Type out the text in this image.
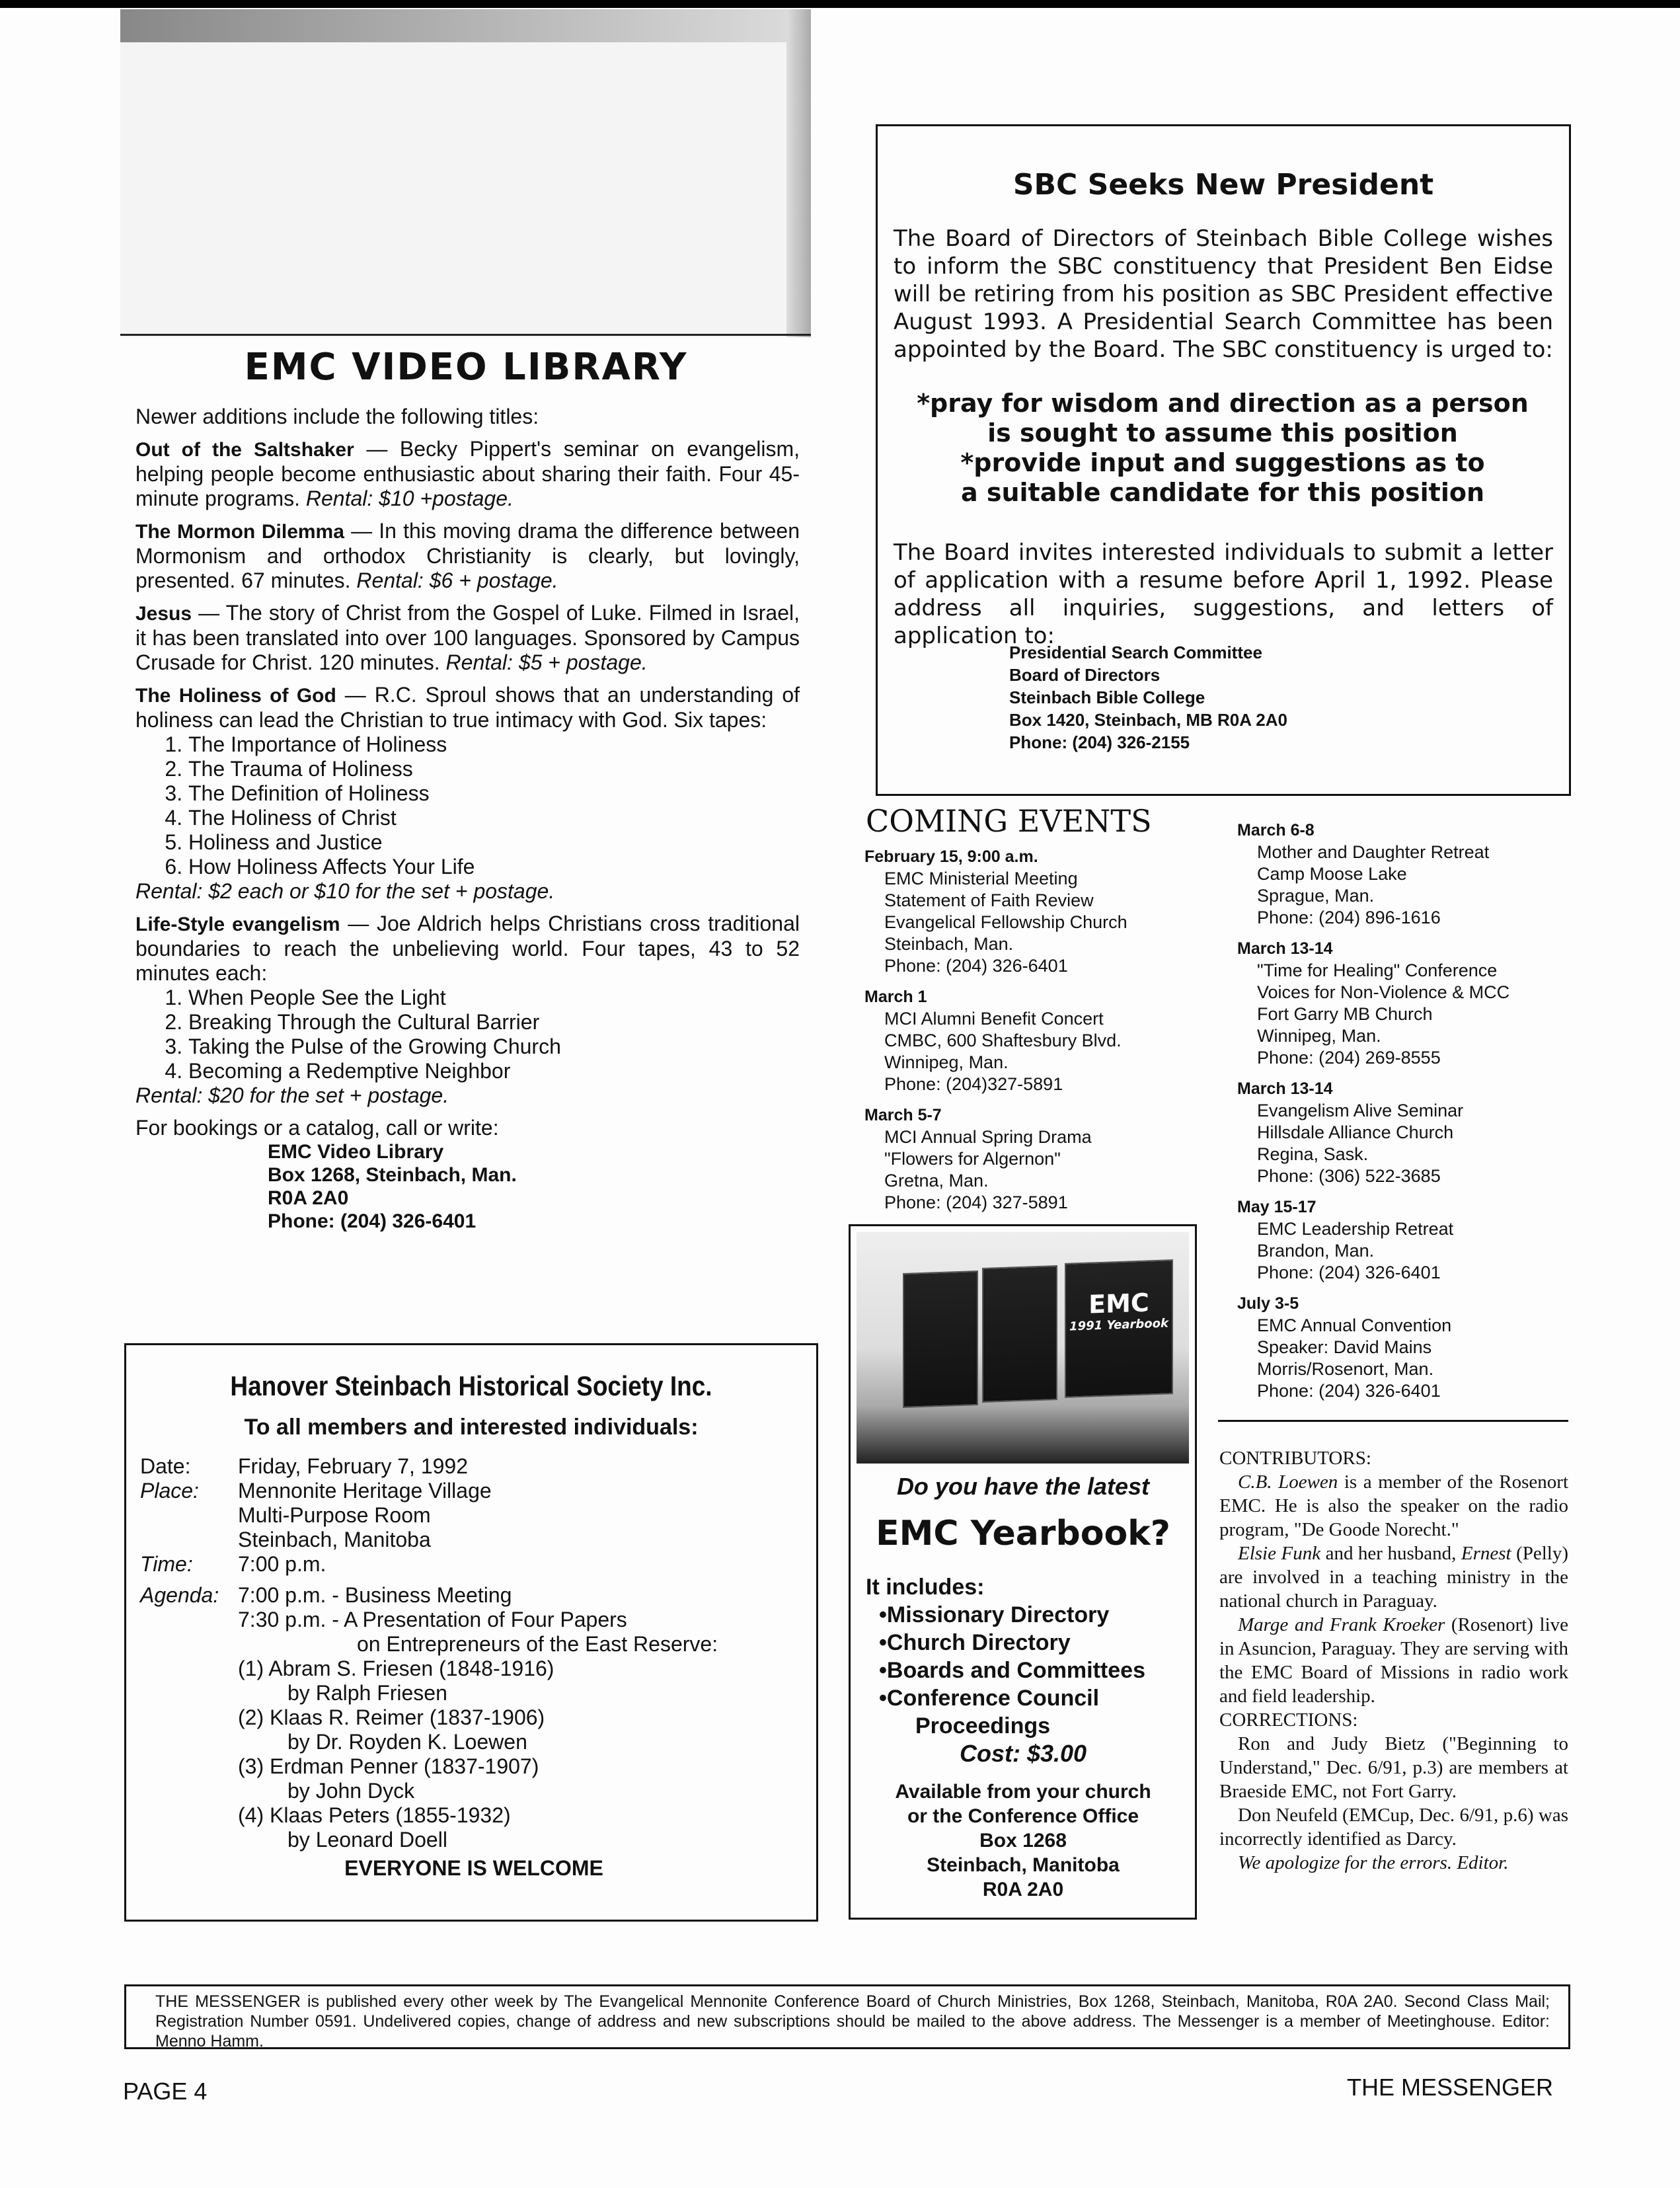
EMC VIDEO LIBRARY

Newer additions include the following titles:

Out of the Saltshaker — Becky Pippert's seminar on evangelism, helping people become enthusiastic about sharing their faith. Four 45-minute programs. Rental: $10 +postage.

The Mormon Dilemma — In this moving drama the difference between Mormonism and orthodox Christianity is clearly, but lovingly, presented. 67 minutes. Rental: $6 + postage.

Jesus — The story of Christ from the Gospel of Luke. Filmed in Israel, it has been translated into over 100 languages. Sponsored by Campus Crusade for Christ. 120 minutes. Rental: $5 + postage.

The Holiness of God — R.C. Sproul shows that an understanding of holiness can lead the Christian to true intimacy with God. Six tapes:
1. The Importance of Holiness
2. The Trauma of Holiness
3. The Definition of Holiness
4. The Holiness of Christ
5. Holiness and Justice
6. How Holiness Affects Your Life
Rental: $2 each or $10 for the set + postage.
Life-Style evangelism — Joe Aldrich helps Christians cross traditional boundaries to reach the unbelieving world. Four tapes, 43 to 52 minutes each:
1. When People See the Light
2. Breaking Through the Cultural Barrier
3. Taking the Pulse of the Growing Church
4. Becoming a Redemptive Neighbor
Rental: $20 for the set + postage.
For bookings or a catalog, call or write:
EMC Video Library
Box 1268, Steinbach, Man.
R0A 2A0
Phone: (204) 326-6401
SBC Seeks New President
The Board of Directors of Steinbach Bible College wishes to inform the SBC constituency that President Ben Eidse will be retiring from his position as SBC President effective August 1993. A Presidential Search Committee has been appointed by the Board. The SBC constituency is urged to:
*pray for wisdom and direction as a person
is sought to assume this position
*provide input and suggestions as to
a suitable candidate for this position
The Board invites interested individuals to submit a letter of application with a resume before April 1, 1992. Please address all inquiries, suggestions, and letters of application to:
Presidential Search Committee
Board of Directors
Steinbach Bible College
Box 1420, Steinbach, MB R0A 2A0
Phone: (204) 326-2155
COMING EVENTS
February 15, 9:00 a.m.
EMC Ministerial Meeting
Statement of Faith Review
Evangelical Fellowship Church
Steinbach, Man.
Phone: (204) 326-6401
March 1
MCI Alumni Benefit Concert
CMBC, 600 Shaftesbury Blvd.
Winnipeg, Man.
Phone: (204)327-5891
March 5-7
MCI Annual Spring Drama
"Flowers for Algernon"
Gretna, Man.
Phone: (204) 327-5891
March 6-8
Mother and Daughter Retreat
Camp Moose Lake
Sprague, Man.
Phone: (204) 896-1616
March 13-14
"Time for Healing" Conference
Voices for Non-Violence & MCC
Fort Garry MB Church
Winnipeg, Man.
Phone: (204) 269-8555
March 13-14
Evangelism Alive Seminar
Hillsdale Alliance Church
Regina, Sask.
Phone: (306) 522-3685
May 15-17
EMC Leadership Retreat
Brandon, Man.
Phone: (204) 326-6401
July 3-5
EMC Annual Convention
Speaker: David Mains
Morris/Rosenort, Man.
Phone: (204) 326-6401
EMC
1991 Yearbook
Do you have the latest
EMC Yearbook?
It includes:
•Missionary Directory
•Church Directory
•Boards and Committees
•Conference Council
Proceedings
Cost: $3.00
Available from your church
or the Conference Office
Box 1268
Steinbach, Manitoba
R0A 2A0

CONTRIBUTORS:

C.B. Loewen is a member of the Rosenort EMC. He is also the speaker on the radio program, "De Goode Norecht."

Elsie Funk and her husband, Ernest (Pelly) are involved in a teaching ministry in the national church in Paraguay.

Marge and Frank Kroeker (Rosenort) live in Asuncion, Paraguay. They are serving with the EMC Board of Missions in radio work and field leadership.

CORRECTIONS:

Ron and Judy Bietz ("Beginning to Understand," Dec. 6/91, p.3) are members at Braeside EMC, not Fort Garry.

Don Neufeld (EMCup, Dec. 6/91, p.6) was incorrectly identified as Darcy.

We apologize for the errors. Editor.

Hanover Steinbach Historical Society Inc.
To all members and interested individuals:
Date:	Friday, February 7, 1992
Place:	Mennonite Heritage Village
Multi-Purpose Room
Steinbach, Manitoba
Time:	7:00 p.m.
Agenda: 7:00 p.m. - Business Meeting
7:30 p.m. - A Presentation of Four Papers
on Entrepreneurs of the East Reserve:
(1) Abram S. Friesen (1848-1916)
by Ralph Friesen
(2) Klaas R. Reimer (1837-1906)
by Dr. Royden K. Loewen
(3) Erdman Penner (1837-1907)
by John Dyck
(4) Klaas Peters (1855-1932)
by Leonard Doell
EVERYONE IS WELCOME
THE MESSENGER is published every other week by The Evangelical Mennonite Conference Board of Church Ministries, Box 1268, Steinbach, Manitoba, R0A 2A0. Second Class Mail; Registration Number 0591. Undelivered copies, change of address and new subscriptions should be mailed to the above address. The Messenger is a member of Meetinghouse. Editor: Menno Hamm.
PAGE 4	THE MESSENGER
